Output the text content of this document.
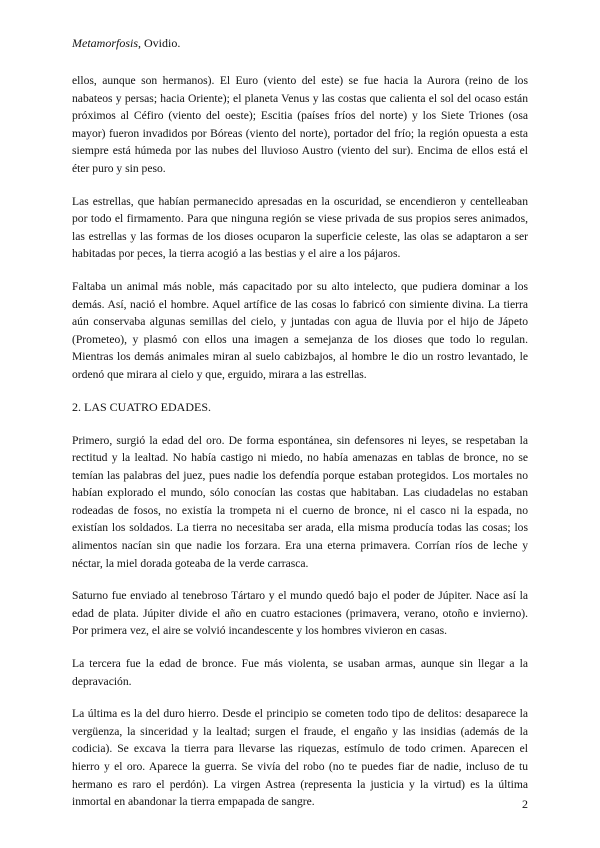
Metamorfosis, Ovidio.

ellos, aunque son hermanos). El Euro (viento del este) se fue hacia la Aurora (reino de los nabateos y persas; hacia Oriente); el planeta Venus y las costas que calienta el sol del ocaso están próximos al Céfiro (viento del oeste); Escitia (países fríos del norte) y los Siete Triones (osa mayor) fueron invadidos por Bóreas (viento del norte), portador del frío; la región opuesta a esta siempre está húmeda por las nubes del lluvioso Austro (viento del sur). Encima de ellos está el éter puro y sin peso.

Las estrellas, que habían permanecido apresadas en la oscuridad, se encendieron y centelleaban por todo el firmamento. Para que ninguna región se viese privada de sus propios seres animados, las estrellas y las formas de los dioses ocuparon la superficie celeste, las olas se adaptaron a ser habitadas por peces, la tierra acogió a las bestias y el aire a los pájaros.

Faltaba un animal más noble, más capacitado por su alto intelecto, que pudiera dominar a los demás. Así, nació el hombre. Aquel artífice de las cosas lo fabricó con simiente divina. La tierra aún conservaba algunas semillas del cielo, y juntadas con agua de lluvia por el hijo de Jápeto (Prometeo), y plasmó con ellos una imagen a semejanza de los dioses que todo lo regulan. Mientras los demás animales miran al suelo cabizbajos, al hombre le dio un rostro levantado, le ordenó que mirara al cielo y que, erguido, mirara a las estrellas.

2. LAS CUATRO EDADES.

Primero, surgió la edad del oro. De forma espontánea, sin defensores ni leyes, se respetaban la rectitud y la lealtad. No había castigo ni miedo, no había amenazas en tablas de bronce, no se temían las palabras del juez, pues nadie los defendía porque estaban protegidos. Los mortales no habían explorado el mundo, sólo conocían las costas que habitaban. Las ciudadelas no estaban rodeadas de fosos, no existía la trompeta ni el cuerno de bronce, ni el casco ni la espada, no existían los soldados. La tierra no necesitaba ser arada, ella misma producía todas las cosas; los alimentos nacían sin que nadie los forzara. Era una eterna primavera. Corrían ríos de leche y néctar, la miel dorada goteaba de la verde carrasca.

Saturno fue enviado al tenebroso Tártaro y el mundo quedó bajo el poder de Júpiter. Nace así la edad de plata. Júpiter divide el año en cuatro estaciones (primavera, verano, otoño e invierno). Por primera vez, el aire se volvió incandescente y los hombres vivieron en casas.

La tercera fue la edad de bronce. Fue más violenta, se usaban armas, aunque sin llegar a la depravación.

La última es la del duro hierro. Desde el principio se cometen todo tipo de delitos: desaparece la vergüenza, la sinceridad y la lealtad; surgen el fraude, el engaño y las insidias (además de la codicia). Se excava la tierra para llevarse las riquezas, estímulo de todo crimen. Aparecen el hierro y el oro. Aparece la guerra. Se vivía del robo (no te puedes fiar de nadie, incluso de tu hermano es raro el perdón). La virgen Astrea (representa la justicia y la virtud) es la última inmortal en abandonar la tierra empapada de sangre.	2
